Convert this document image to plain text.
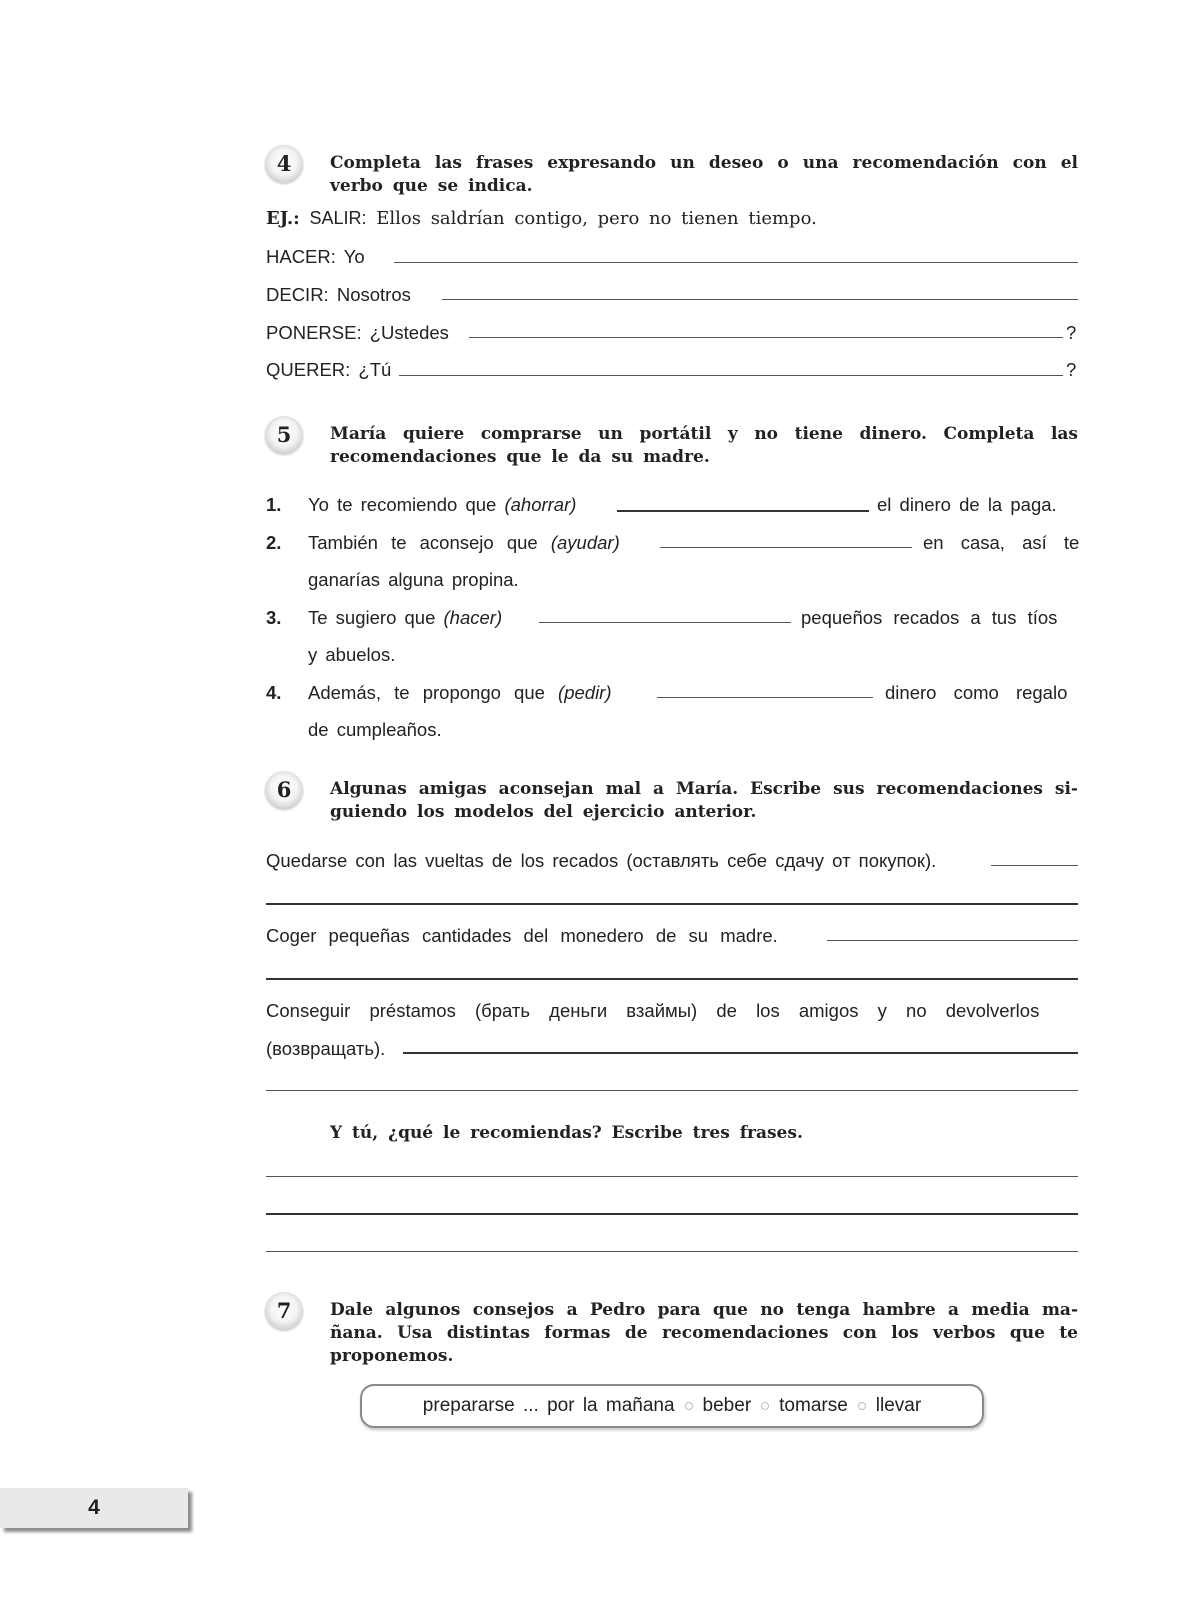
4	Completa las frases expresando un deseo o una recomendación con el
verbo que se indica.
EJ.: SALIR: Ellos saldrían contigo, pero no tienen tiempo.
HACER: Yo
DECIR: Nosotros
PONERSE: ¿Ustedes	?
QUERER: ¿Tú	?
5	María quiere comprarse un portátil y no tiene dinero. Completa las
recomendaciones que le da su madre.
1. Yo te recomiendo que (ahorrar)	el dinero de la paga.
2. También te aconsejo que (ayudar)	en casa, así te
ganarías alguna propina.
3. Te sugiero que (hacer)	pequeños recados a tus tíos
y abuelos.
4. Además, te propongo que (pedir)	dinero como regalo
de cumpleaños.
6	Algunas amigas aconsejan mal a María. Escribe sus recomendaciones si-
guiendo los modelos del ejercicio anterior.
Quedarse con las vueltas de los recados (оставлять себе сдачу от покупок).
Coger pequeñas cantidades del monedero de su madre.
Conseguir préstamos (брать деньги взаймы) de los amigos y no devolverlos
(возвращать).
Y tú, ¿qué le recomiendas? Escribe tres frases.
7	Dale algunos consejos a Pedro para que no tenga hambre a media ma-
ñana. Usa distintas formas de recomendaciones con los verbos que te
proponemos.
prepararse ... por la mañana beber tomarse llevar
4
